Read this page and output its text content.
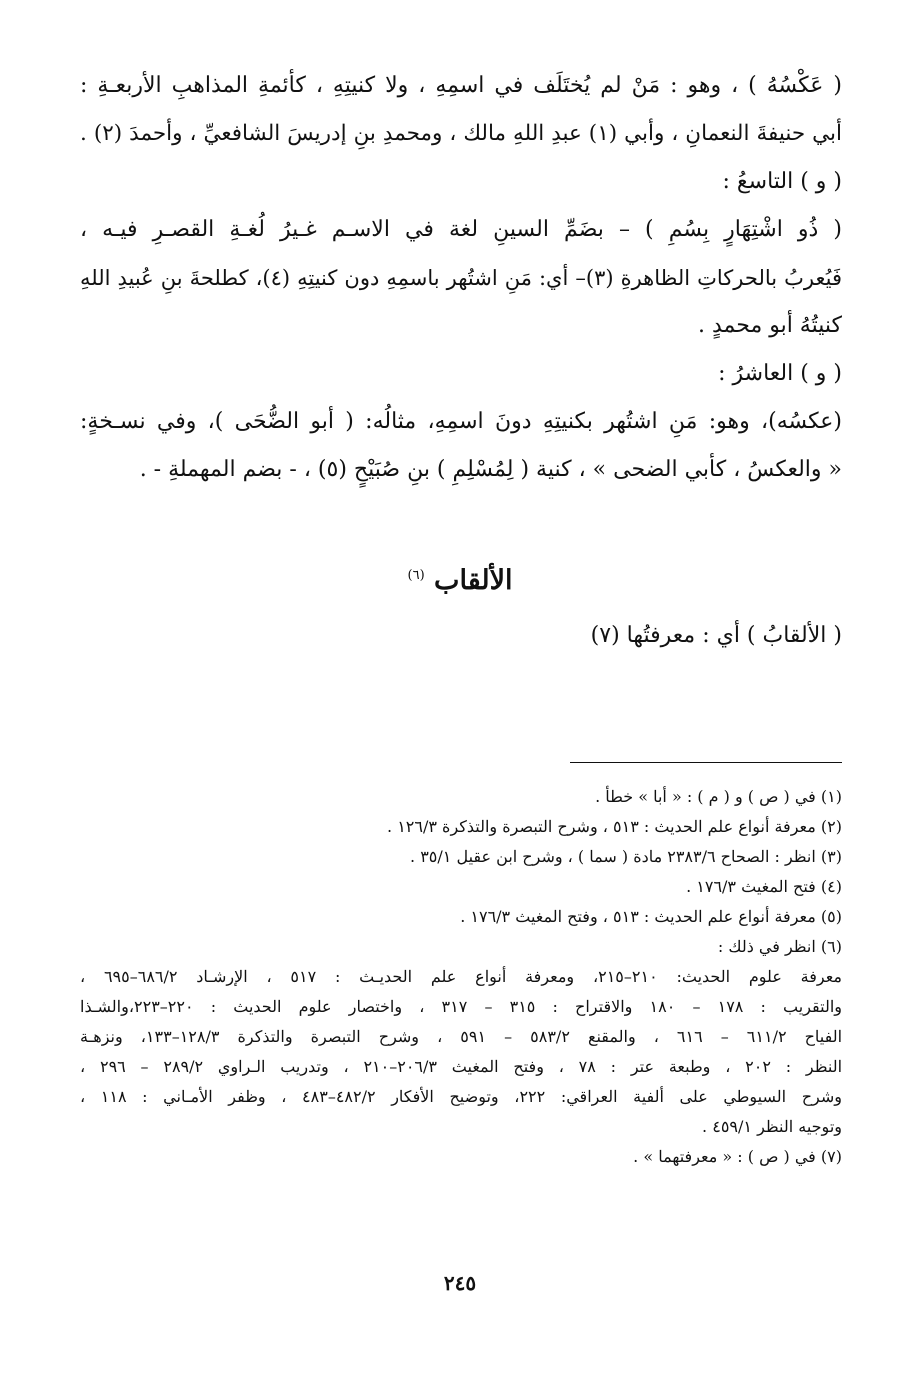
( عَكْسُهُ ) ، وهو : مَنْ لم يُختَلَف في اسمِهِ ، ولا كنيتِهِ ، كأئمةِ المذاهبِ الأربعـةِ :
أبي حنيفةَ النعمانِ ، وأبي (١) عبدِ اللهِ مالك ، ومحمدِ بنِ إدريسَ الشافعيِّ ، وأحمدَ (٢) .
( و ) التاسعُ :
( ذُو اشْتِهَارٍ بِسُمِ ) – بضَمِّ السينِ لغة في الاسـم غـيرُ لُغـةِ القصـرِ فيـه ،
فَيُعربُ بالحركاتِ الظاهرةِ (٣)– أي: مَنِ اشتُهر باسمِهِ دون كنيتِهِ (٤)، كطلحةَ بنِ عُبيدِ اللهِ
كنيتُهُ أبو محمدٍ .
( و ) العاشرُ :
(عكسُه)، وهو: مَنِ اشتُهر بكنيتِهِ دونَ اسمِهِ، مثالُه: ( أبو الضُّحَى )، وفي نسـخةٍ:
« والعكسُ ، كأبي الضحى » ، كنية ( لِمُسْلِمِ ) بنِ صُبَيْحٍ (٥) ، - بضم المهملةِ - .
الألقاب $^{(٦)}$
( الألقابُ ) أي : معرفتُها (٧)
(١) في ( ص ) و ( م ) : « أبا » خطأ .
(٢) معرفة أنواع علم الحديث : ٥١٣ ، وشرح التبصرة والتذكرة ١٢٦/٣ .
(٣) انظر : الصحاح ٢٣٨٣/٦ مادة ( سما ) ، وشرح ابن عقيل ٣٥/١ .
(٤) فتح المغيث ١٧٦/٣ .
(٥) معرفة أنواع علم الحديث : ٥١٣ ، وفتح المغيث ١٧٦/٣ .
(٦) انظر في ذلك :
معرفة علوم الحديث: ٢١٠–٢١٥، ومعرفة أنواع علم الحديـث : ٥١٧ ، الإرشـاد ٦٨٦/٢–٦٩٥ ،
والتقريب : ١٧٨ – ١٨٠ والاقتراح : ٣١٥ – ٣١٧ ، واختصار علوم الحديث : ٢٢٠–٢٢٣،والشـذا
الفياح ٦١١/٢ – ٦١٦ ، والمقنع ٥٨٣/٢ – ٥٩١ ، وشرح التبصرة والتذكرة ١٢٨/٣–١٣٣، ونزهـة
النظر : ٢٠٢ ، وطبعة عتر : ٧٨ ، وفتح المغيث ٢٠٦/٣–٢١٠ ، وتدريب الـراوي ٢٨٩/٢ – ٢٩٦ ،
وشرح السيوطي على ألفية العراقي: ٢٢٢، وتوضيح الأفكار ٤٨٢/٢–٤٨٣ ، وظفر الأمـاني : ١١٨ ،
وتوجيه النظر ٤٥٩/١ .
(٧) في ( ص ) : « معرفتهما » .
٢٤٥
